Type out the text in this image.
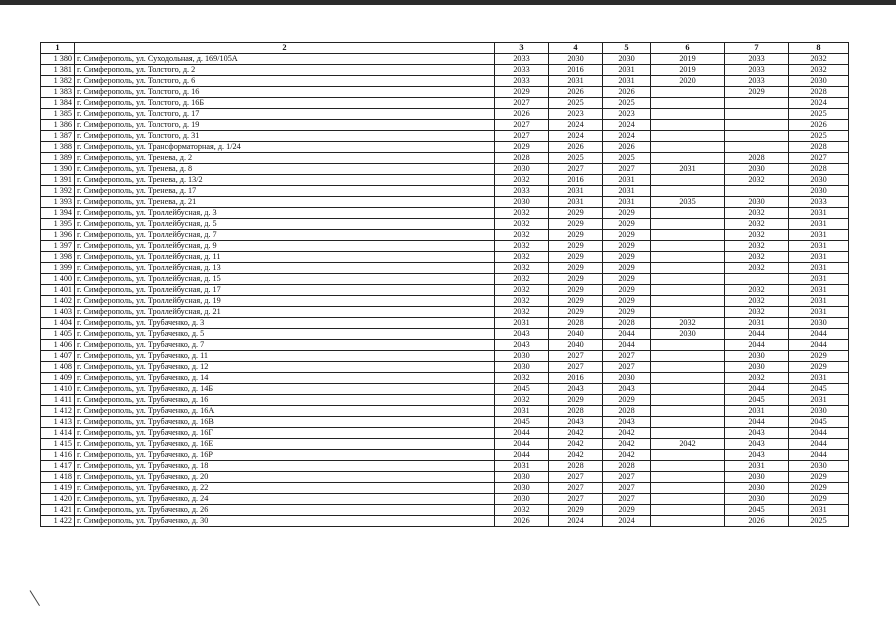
1	2	3	4	5	6	7	8
1 380	г. Симферополь, ул. Суходольная, д. 169/105А	2033	2030	2030	2019	2033	2032
1 381	г. Симферополь, ул. Толстого, д. 2	2033	2016	2031	2019	2033	2032
1 382	г. Симферополь, ул. Толстого, д. 6	2033	2031	2031	2020	2033	2030
1 383	г. Симферополь, ул. Толстого, д. 16	2029	2026	2026		2029	2028
1 384	г. Симферополь, ул. Толстого, д. 16Б	2027	2025	2025			2024
1 385	г. Симферополь, ул. Толстого, д. 17	2026	2023	2023			2025
1 386	г. Симферополь, ул. Толстого, д. 19	2027	2024	2024			2026
1 387	г. Симферополь, ул. Толстого, д. 31	2027	2024	2024			2025
1 388	г. Симферополь, ул. Трансформаторная, д. 1/24	2029	2026	2026			2028
1 389	г. Симферополь, ул. Тренева, д. 2	2028	2025	2025		2028	2027
1 390	г. Симферополь, ул. Тренева, д. 8	2030	2027	2027	2031	2030	2028
1 391	г. Симферополь, ул. Тренева, д. 13/2	2032	2016	2031		2032	2030
1 392	г. Симферополь, ул. Тренева, д. 17	2033	2031	2031			2030
1 393	г. Симферополь, ул. Тренева, д. 21	2030	2031	2031	2035	2030	2033
1 394	г. Симферополь, ул. Троллейбусная, д. 3	2032	2029	2029		2032	2031
1 395	г. Симферополь, ул. Троллейбусная, д. 5	2032	2029	2029		2032	2031
1 396	г. Симферополь, ул. Троллейбусная, д. 7	2032	2029	2029		2032	2031
1 397	г. Симферополь, ул. Троллейбусная, д. 9	2032	2029	2029		2032	2031
1 398	г. Симферополь, ул. Троллейбусная, д. 11	2032	2029	2029		2032	2031
1 399	г. Симферополь, ул. Троллейбусная, д. 13	2032	2029	2029		2032	2031
1 400	г. Симферополь, ул. Троллейбусная, д. 15	2032	2029	2029			2031
1 401	г. Симферополь, ул. Троллейбусная, д. 17	2032	2029	2029		2032	2031
1 402	г. Симферополь, ул. Троллейбусная, д. 19	2032	2029	2029		2032	2031
1 403	г. Симферополь, ул. Троллейбусная, д. 21	2032	2029	2029		2032	2031
1 404	г. Симферополь, ул. Трубаченко, д. 3	2031	2028	2028	2032	2031	2030
1 405	г. Симферополь, ул. Трубаченко, д. 5	2043	2040	2044	2030	2044	2044
1 406	г. Симферополь, ул. Трубаченко, д. 7	2043	2040	2044		2044	2044
1 407	г. Симферополь, ул. Трубаченко, д. 11	2030	2027	2027		2030	2029
1 408	г. Симферополь, ул. Трубаченко, д. 12	2030	2027	2027		2030	2029
1 409	г. Симферополь, ул. Трубаченко, д. 14	2032	2016	2030		2032	2031
1 410	г. Симферополь, ул. Трубаченко, д. 14Б	2045	2043	2043		2044	2045
1 411	г. Симферополь, ул. Трубаченко, д. 16	2032	2029	2029		2045	2031
1 412	г. Симферополь, ул. Трубаченко, д. 16А	2031	2028	2028		2031	2030
1 413	г. Симферополь, ул. Трубаченко, д. 16В	2045	2043	2043		2044	2045
1 414	г. Симферополь, ул. Трубаченко, д. 16Г	2044	2042	2042		2043	2044
1 415	г. Симферополь, ул. Трубаченко, д. 16Е	2044	2042	2042	2042	2043	2044
1 416	г. Симферополь, ул. Трубаченко, д. 16Р	2044	2042	2042		2043	2044
1 417	г. Симферополь, ул. Трубаченко, д. 18	2031	2028	2028		2031	2030
1 418	г. Симферополь, ул. Трубаченко, д. 20	2030	2027	2027		2030	2029
1 419	г. Симферополь, ул. Трубаченко, д. 22	2030	2027	2027		2030	2029
1 420	г. Симферополь, ул. Трубаченко, д. 24	2030	2027	2027		2030	2029
1 421	г. Симферополь, ул. Трубаченко, д. 26	2032	2029	2029		2045	2031
1 422	г. Симферополь, ул. Трубаченко, д. 30	2026	2024	2024		2026	2025
